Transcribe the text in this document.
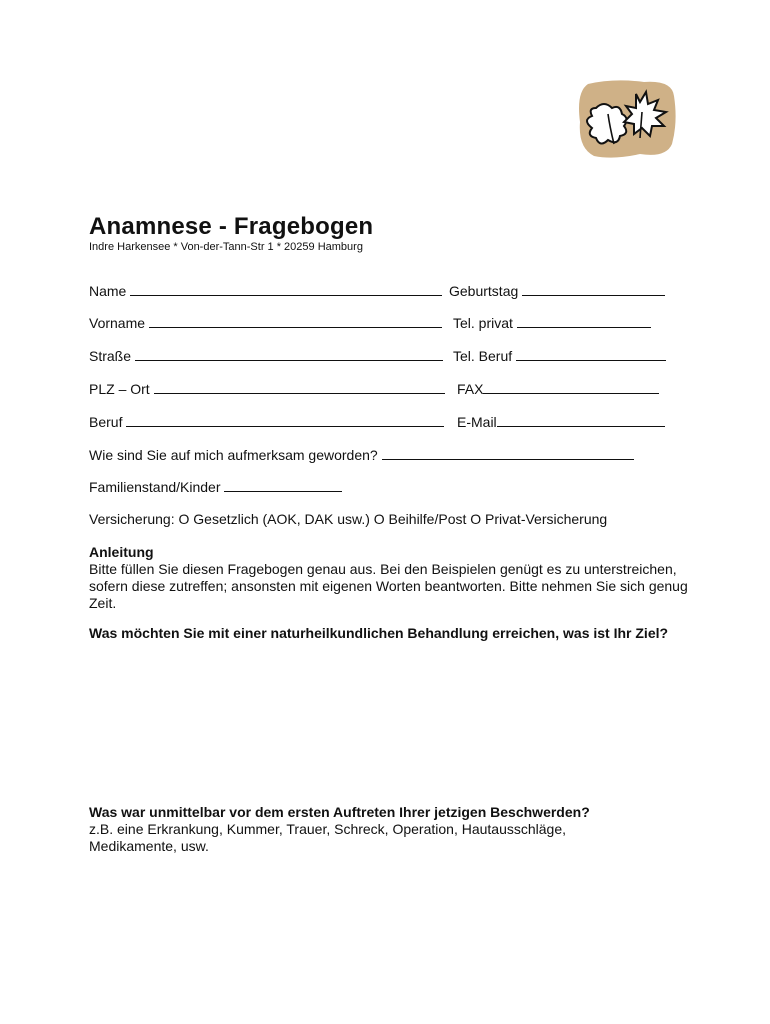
Anamnese - Fragebogen
Indre Harkensee * Von-der-Tann-Str 1 * 20259 Hamburg
Name	Geburtstag
Vorname	Tel. privat
Straße	Tel. Beruf
PLZ – Ort	FAX
Beruf	E-Mail
Wie sind Sie auf mich aufmerksam geworden?
Familienstand/Kinder
Versicherung: O Gesetzlich (AOK, DAK usw.) O Beihilfe/Post O Privat-Versicherung
Anleitung
Bitte füllen Sie diesen Fragebogen genau aus. Bei den Beispielen genügt es zu unterstreichen, sofern diese zutreffen; ansonsten mit eigenen Worten beantworten. Bitte nehmen Sie sich genug Zeit.
Was möchten Sie mit einer naturheilkundlichen Behandlung erreichen, was ist Ihr Ziel?
Was war unmittelbar vor dem ersten Auftreten Ihrer jetzigen Beschwerden?
z.B. eine Erkrankung, Kummer, Trauer, Schreck, Operation, Hautausschläge, Medikamente, usw.
